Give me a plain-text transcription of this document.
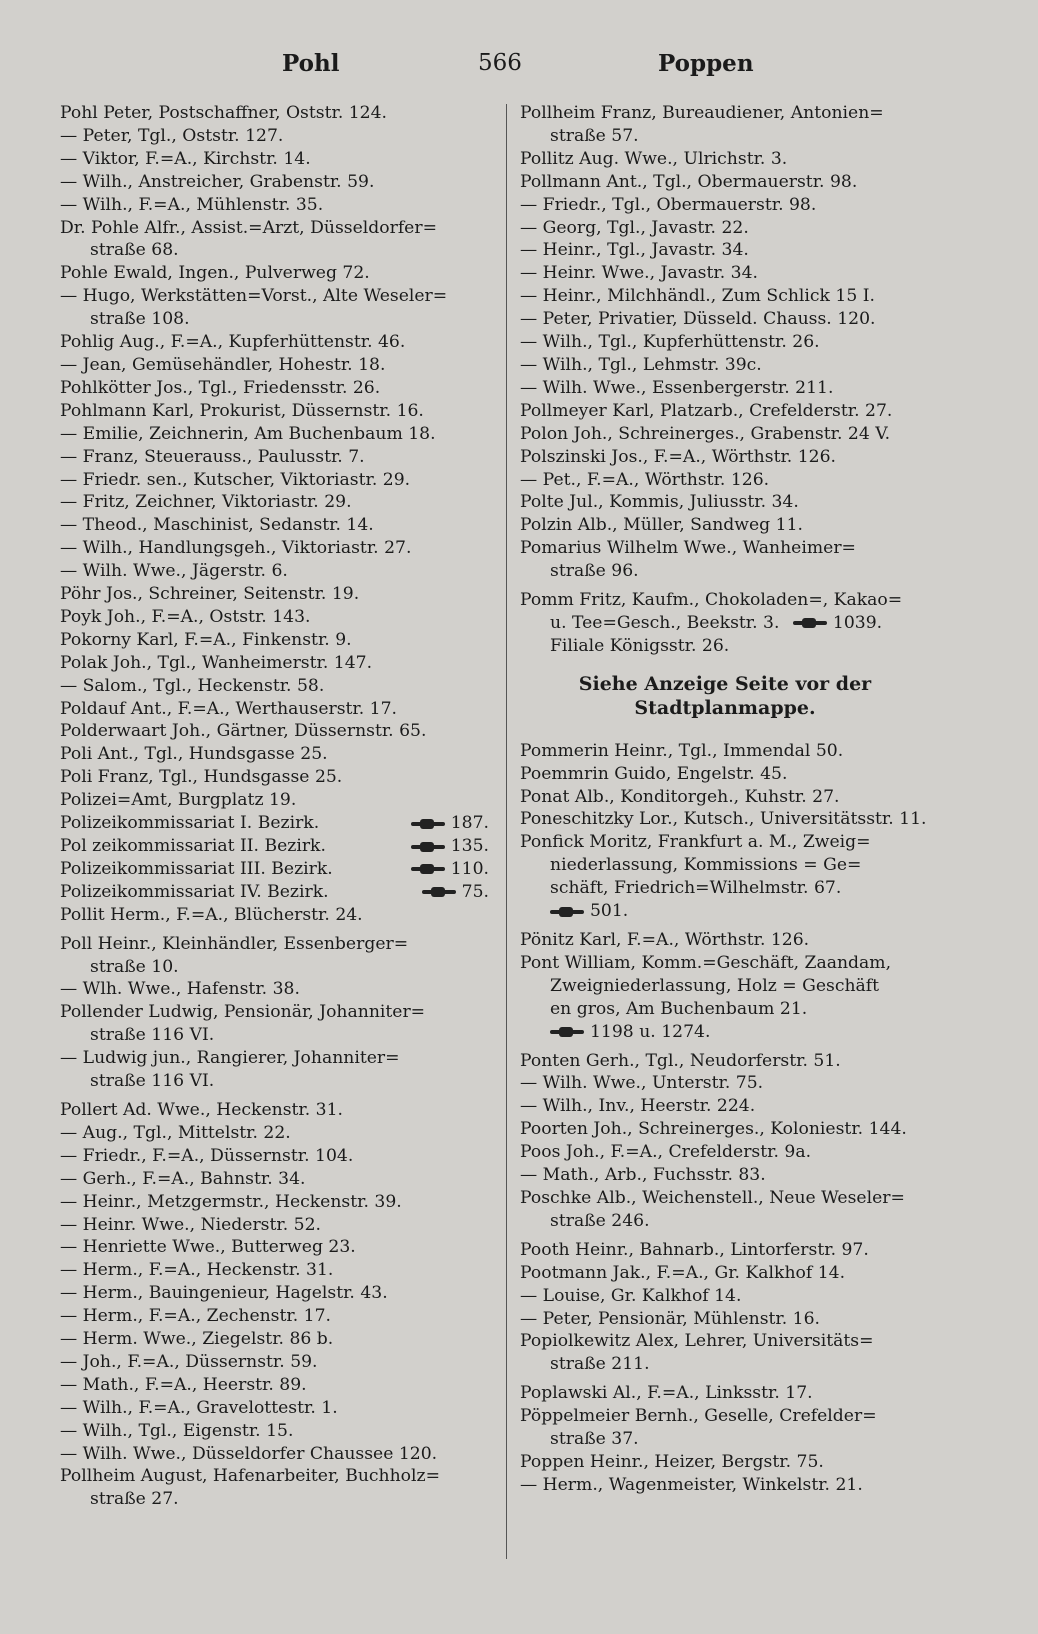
Pohl	566	Poppen
Pohl Peter, Postschaffner, Oststr. 124.
— Peter, Tgl., Oststr. 127.
— Viktor, F.=A., Kirchstr. 14.
— Wilh., Anstreicher, Grabenstr. 59.
— Wilh., F.=A., Mühlenstr. 35.
Dr. Pohle Alfr., Assist.=Arzt, Düsseldorfer=
straße 68.
Pohle Ewald, Ingen., Pulverweg 72.
— Hugo, Werkstätten=Vorst., Alte Weseler=
straße 108.
Pohlig Aug., F.=A., Kupferhüttenstr. 46.
— Jean, Gemüsehändler, Hohestr. 18.
Pohlkötter Jos., Tgl., Friedensstr. 26.
Pohlmann Karl, Prokurist, Düssernstr. 16.
— Emilie, Zeichnerin, Am Buchenbaum 18.
— Franz, Steuerauss., Paulusstr. 7.
— Friedr. sen., Kutscher, Viktoriastr. 29.
— Fritz, Zeichner, Viktoriastr. 29.
— Theod., Maschinist, Sedanstr. 14.
— Wilh., Handlungsgeh., Viktoriastr. 27.
— Wilh. Wwe., Jägerstr. 6.
Pöhr Jos., Schreiner, Seitenstr. 19.
Poyk Joh., F.=A., Oststr. 143.
Pokorny Karl, F.=A., Finkenstr. 9.
Polak Joh., Tgl., Wanheimerstr. 147.
— Salom., Tgl., Heckenstr. 58.
Poldauf Ant., F.=A., Werthauserstr. 17.
Polderwaart Joh., Gärtner, Düssernstr. 65.
Poli Ant., Tgl., Hundsgasse 25.
Poli Franz, Tgl., Hundsgasse 25.
Polizei=Amt, Burgplatz 19.
Polizeikommissariat I. Bezirk.	187.
Pol zeikommissariat II. Bezirk.	135.
Polizeikommissariat III. Bezirk.	110.
Polizeikommissariat IV. Bezirk.	75.
Pollit Herm., F.=A., Blücherstr. 24.
Poll Heinr., Kleinhändler, Essenberger=
straße 10.
— Wlh. Wwe., Hafenstr. 38.
Pollender Ludwig, Pensionär, Johanniter=
straße 116 VI.
— Ludwig jun., Rangierer, Johanniter=
straße 116 VI.
Pollert Ad. Wwe., Heckenstr. 31.
— Aug., Tgl., Mittelstr. 22.
— Friedr., F.=A., Düssernstr. 104.
— Gerh., F.=A., Bahnstr. 34.
— Heinr., Metzgermstr., Heckenstr. 39.
— Heinr. Wwe., Niederstr. 52.
— Henriette Wwe., Butterweg 23.
— Herm., F.=A., Heckenstr. 31.
— Herm., Bauingenieur, Hagelstr. 43.
— Herm., F.=A., Zechenstr. 17.
— Herm. Wwe., Ziegelstr. 86 b.
— Joh., F.=A., Düssernstr. 59.
— Math., F.=A., Heerstr. 89.
— Wilh., F.=A., Gravelottestr. 1.
— Wilh., Tgl., Eigenstr. 15.
— Wilh. Wwe., Düsseldorfer Chaussee 120.
Pollheim August, Hafenarbeiter, Buchholz=
straße 27.
Pollheim Franz, Bureaudiener, Antonien=
straße 57.
Pollitz Aug. Wwe., Ulrichstr. 3.
Pollmann Ant., Tgl., Obermauerstr. 98.
— Friedr., Tgl., Obermauerstr. 98.
— Georg, Tgl., Javastr. 22.
— Heinr., Tgl., Javastr. 34.
— Heinr. Wwe., Javastr. 34.
— Heinr., Milchhändl., Zum Schlick 15 I.
— Peter, Privatier, Düsseld. Chauss. 120.
— Wilh., Tgl., Kupferhüttenstr. 26.
— Wilh., Tgl., Lehmstr. 39c.
— Wilh. Wwe., Essenbergerstr. 211.
Pollmeyer Karl, Platzarb., Crefelderstr. 27.
Polon Joh., Schreinerges., Grabenstr. 24 V.
Polszinski Jos., F.=A., Wörthstr. 126.
— Pet., F.=A., Wörthstr. 126.
Polte Jul., Kommis, Juliusstr. 34.
Polzin Alb., Müller, Sandweg 11.
Pomarius Wilhelm Wwe., Wanheimer=
straße 96.
Pomm Fritz, Kaufm., Chokoladen=, Kakao=
u. Tee=Gesch., Beekstr. 3.	1039.
Filiale Königsstr. 26.
Siehe Anzeige Seite vor der Stadtplanmappe.
Pommerin Heinr., Tgl., Immendal 50.
Poemmrin Guido, Engelstr. 45.
Ponat Alb., Konditorgeh., Kuhstr. 27.
Poneschitzky Lor., Kutsch., Universitätsstr. 11.
Ponfick Moritz, Frankfurt a. M., Zweig=
niederlassung, Kommissions = Ge=
schäft, Friedrich=Wilhelmstr. 67.
501.
Pönitz Karl, F.=A., Wörthstr. 126.
Pont William, Komm.=Geschäft, Zaandam,
Zweigniederlassung, Holz = Geschäft
en gros, Am Buchenbaum 21.
1198 u. 1274.
Ponten Gerh., Tgl., Neudorferstr. 51.
— Wilh. Wwe., Unterstr. 75.
— Wilh., Inv., Heerstr. 224.
Poorten Joh., Schreinerges., Koloniestr. 144.
Poos Joh., F.=A., Crefelderstr. 9a.
— Math., Arb., Fuchsstr. 83.
Poschke Alb., Weichenstell., Neue Weseler=
straße 246.
Pooth Heinr., Bahnarb., Lintorferstr. 97.
Pootmann Jak., F.=A., Gr. Kalkhof 14.
— Louise, Gr. Kalkhof 14.
— Peter, Pensionär, Mühlenstr. 16.
Popiolkewitz Alex, Lehrer, Universitäts=
straße 211.
Poplawski Al., F.=A., Linksstr. 17.
Pöppelmeier Bernh., Geselle, Crefelder=
straße 37.
Poppen Heinr., Heizer, Bergstr. 75.
— Herm., Wagenmeister, Winkelstr. 21.
